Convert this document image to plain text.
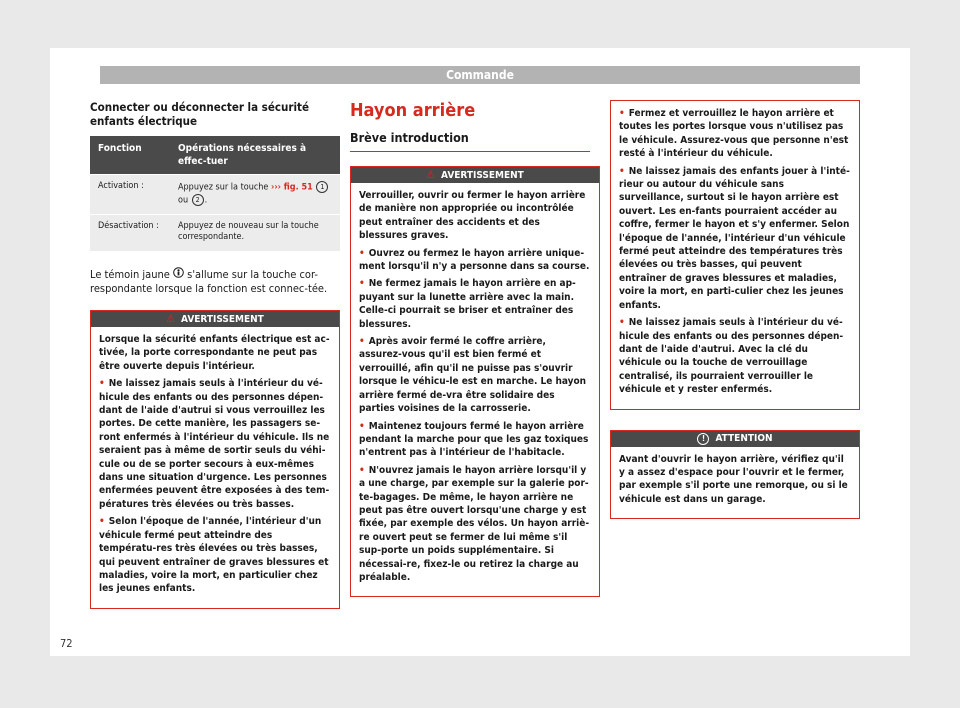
Commande
Connecter ou déconnecter la sécurité enfants électrique
Fonction	Opérations nécessaires à effec-tuer
Activation :	Appuyez sur la touche ››› fig. 51 1
ou 2 .
Désactivation :	Appuyez de nouveau sur la touche correspondante.

Le témoin jaune s'allume sur la touche cor-respondante lorsque la fonction est connec-tée.

⚠ AVERTISSEMENT

Lorsque la sécurité enfants électrique est ac-tivée, la porte correspondante ne peut pas être ouverte depuis l'intérieur.

• Ne laissez jamais seuls à l'intérieur du vé-hicule des enfants ou des personnes dépen-dant de l'aide d'autrui si vous verrouillez les portes. De cette manière, les passagers se-ront enfermés à l'intérieur du véhicule. Ils ne seraient pas à même de sortir seuls du véhi-cule ou de se porter secours à eux-mêmes dans une situation d'urgence. Les personnes enfermées peuvent être exposées à des tem-pératures très élevées ou très basses.

• Selon l'époque de l'année, l'intérieur d'un véhicule fermé peut atteindre des températu-res très élevées ou très basses, qui peuvent entraîner de graves blessures et maladies, voire la mort, en particulier chez les jeunes enfants.

Hayon arrière
Brève introduction
⚠ AVERTISSEMENT

Verrouiller, ouvrir ou fermer le hayon arrière de manière non appropriée ou incontrôlée peut entraîner des accidents et des blessures graves.

• Ouvrez ou fermez le hayon arrière unique-ment lorsqu'il n'y a personne dans sa course.

• Ne fermez jamais le hayon arrière en ap-puyant sur la lunette arrière avec la main. Celle-ci pourrait se briser et entraîner des blessures.

• Après avoir fermé le coffre arrière, assurez-vous qu'il est bien fermé et verrouillé, afin qu'il ne puisse pas s'ouvrir lorsque le véhicu-le est en marche. Le hayon arrière fermé de-vra être solidaire des parties voisines de la carrosserie.

• Maintenez toujours fermé le hayon arrière pendant la marche pour que les gaz toxiques n'entrent pas à l'intérieur de l'habitacle.

• N'ouvrez jamais le hayon arrière lorsqu'il y a une charge, par exemple sur la galerie por-te-bagages. De même, le hayon arrière ne peut pas être ouvert lorsqu'une charge y est fixée, par exemple des vélos. Un hayon arriè-re ouvert peut se fermer de lui même s'il sup-porte un poids supplémentaire. Si nécessai-re, fixez-le ou retirez la charge au préalable.

• Fermez et verrouillez le hayon arrière et toutes les portes lorsque vous n'utilisez pas le véhicule. Assurez-vous que personne n'est resté à l'intérieur du véhicule.

• Ne laissez jamais des enfants jouer à l'inté-rieur ou autour du véhicule sans surveillance, surtout si le hayon arrière est ouvert. Les en-fants pourraient accéder au coffre, fermer le hayon et s'y enfermer. Selon l'époque de l'année, l'intérieur d'un véhicule fermé peut atteindre des températures très élevées ou très basses, qui peuvent entraîner de graves blessures et maladies, voire la mort, en parti-culier chez les jeunes enfants.

• Ne laissez jamais seuls à l'intérieur du vé-hicule des enfants ou des personnes dépen-dant de l'aide d'autrui. Avec la clé du véhicule ou la touche de verrouillage centralisé, ils pourraient verrouiller le véhicule et y rester enfermés.

! ATTENTION

Avant d'ouvrir le hayon arrière, vérifiez qu'il y a assez d'espace pour l'ouvrir et le fermer, par exemple s'il porte une remorque, ou si le véhicule est dans un garage.

72
